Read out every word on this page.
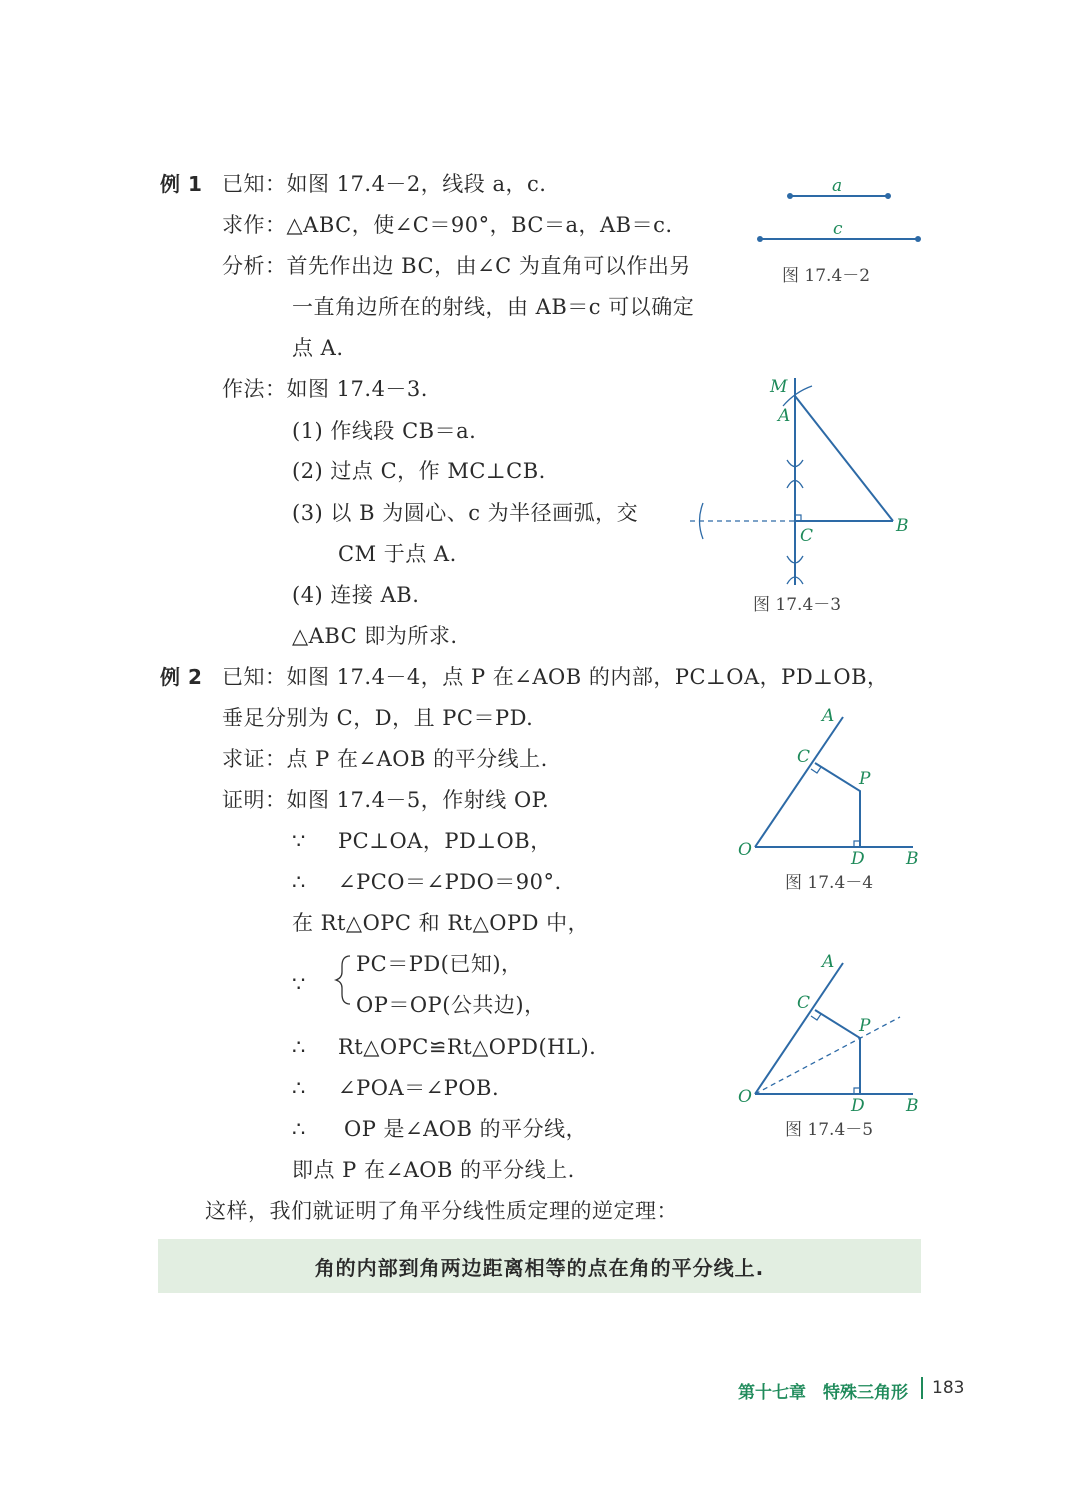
例 1 已知：如图 17.4－2，线段 a，c.
求作：△ABC，使∠C＝90°，BC＝a，AB＝c.
分析：首先作出边 BC，由∠C 为直角可以作出另
一直角边所在的射线，由 AB＝c 可以确定
点 A.
作法：如图 17.4－3.
(1) 作线段 CB＝a.
(2) 过点 C，作 MC⊥CB.
(3) 以 B 为圆心、c 为半径画弧，交
CM 于点 A.
(4) 连接 AB.
△ABC 即为所求.
例 2 已知：如图 17.4－4，点 P 在∠AOB 的内部，PC⊥OA，PD⊥OB，
垂足分别为 C，D，且 PC＝PD.
求证：点 P 在∠AOB 的平分线上.
证明：如图 17.4－5，作射线 OP.
∵ PC⊥OA，PD⊥OB，
∴ ∠PCO＝∠PDO＝90°.
在 Rt△OPC 和 Rt△OPD 中，
∵
PC＝PD(已知)，
OP＝OP(公共边)，
∴ Rt△OPC≌Rt△OPD(HL).
∴ ∠POA＝∠POB.
∴ OP 是∠AOB 的平分线，
即点 P 在∠AOB 的平分线上.
这样，我们就证明了角平分线性质定理的逆定理：
角的内部到角两边距离相等的点在角的平分线上.
第十七章　特殊三角形 183
a
c
图 17.4－2
M
A
C	B
图 17.4－3
A
C
P
O	D B
图 17.4－4
A
C
P
O	D B
图 17.4－5
